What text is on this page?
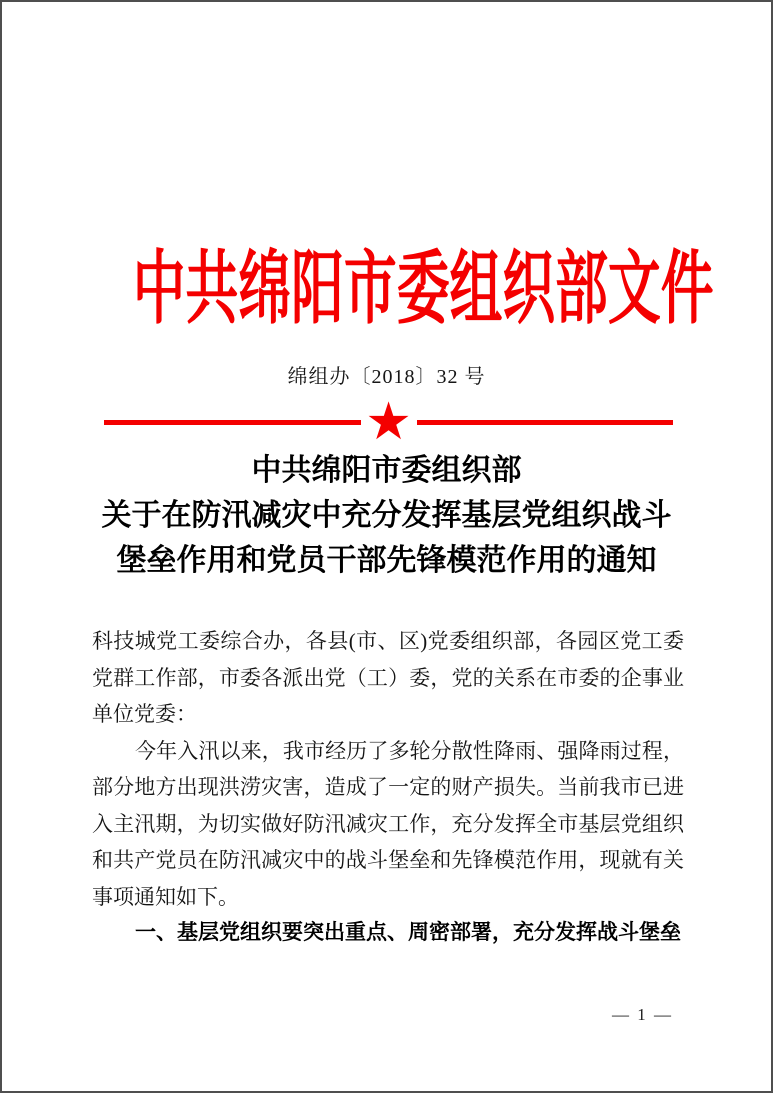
中共绵阳市委组织部文件
绵组办〔2018〕32 号
★
中共绵阳市委组织部
关于在防汛减灾中充分发挥基层党组织战斗
堡垒作用和党员干部先锋模范作用的通知

科技城党工委综合办，各县(市、区)党委组织部，各园区党工委党群工作部，市委各派出党（工）委，党的关系在市委的企事业单位党委：

今年入汛以来，我市经历了多轮分散性降雨、强降雨过程，部分地方出现洪涝灾害，造成了一定的财产损失。当前我市已进入主汛期，为切实做好防汛减灾工作，充分发挥全市基层党组织和共产党员在防汛减灾中的战斗堡垒和先锋模范作用，现就有关事项通知如下。

一、基层党组织要突出重点、周密部署，充分发挥战斗堡垒

— 1 —
